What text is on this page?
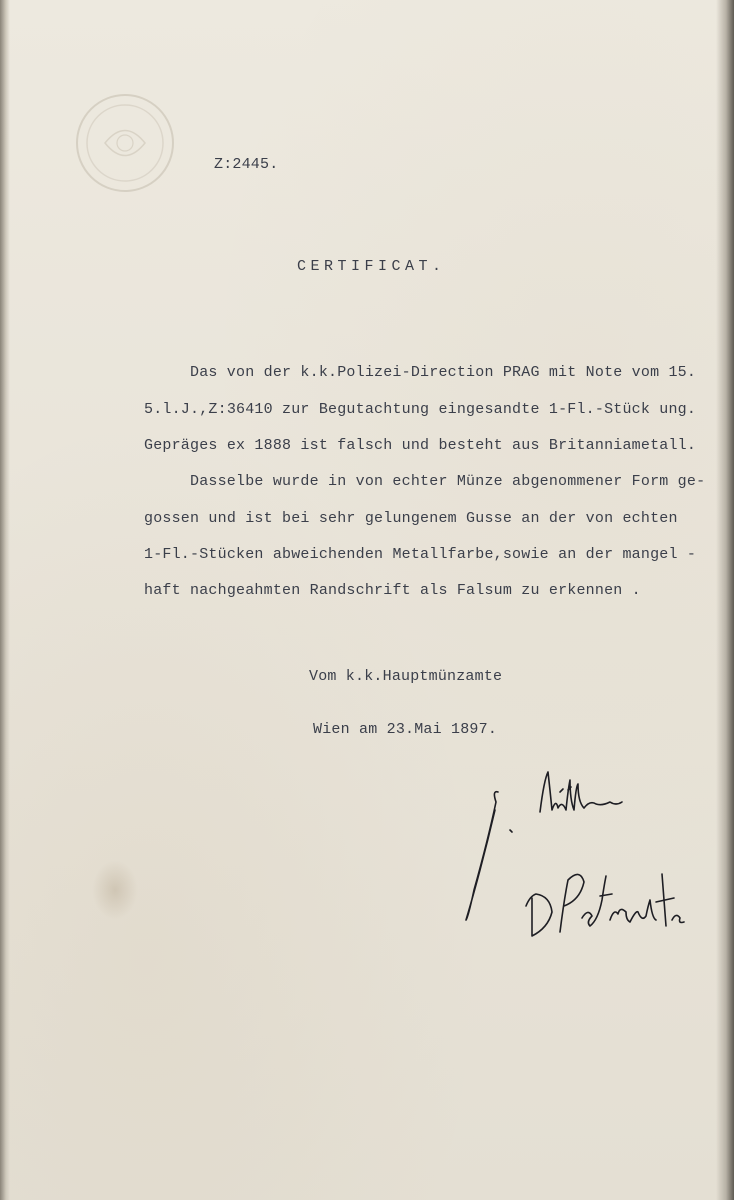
Z:2445.
CERTIFICAT.
Das von der k.k.Polizei-Direction PRAG mit Note vom 15.
5.l.J.,Z:36410 zur Begutachtung eingesandte 1-Fl.-Stück ung.
Gepräges ex 1888 ist falsch und besteht aus Britanniametall.
Dasselbe wurde in von echter Münze abgenommener Form ge-
gossen und ist bei sehr gelungenem Gusse an der von echten
1-Fl.-Stücken abweichenden Metallfarbe,sowie an der mangel -
haft nachgeahmten Randschrift als Falsum zu erkennen .
Vom k.k.Hauptmünzamte
Wien am 23.Mai 1897.
